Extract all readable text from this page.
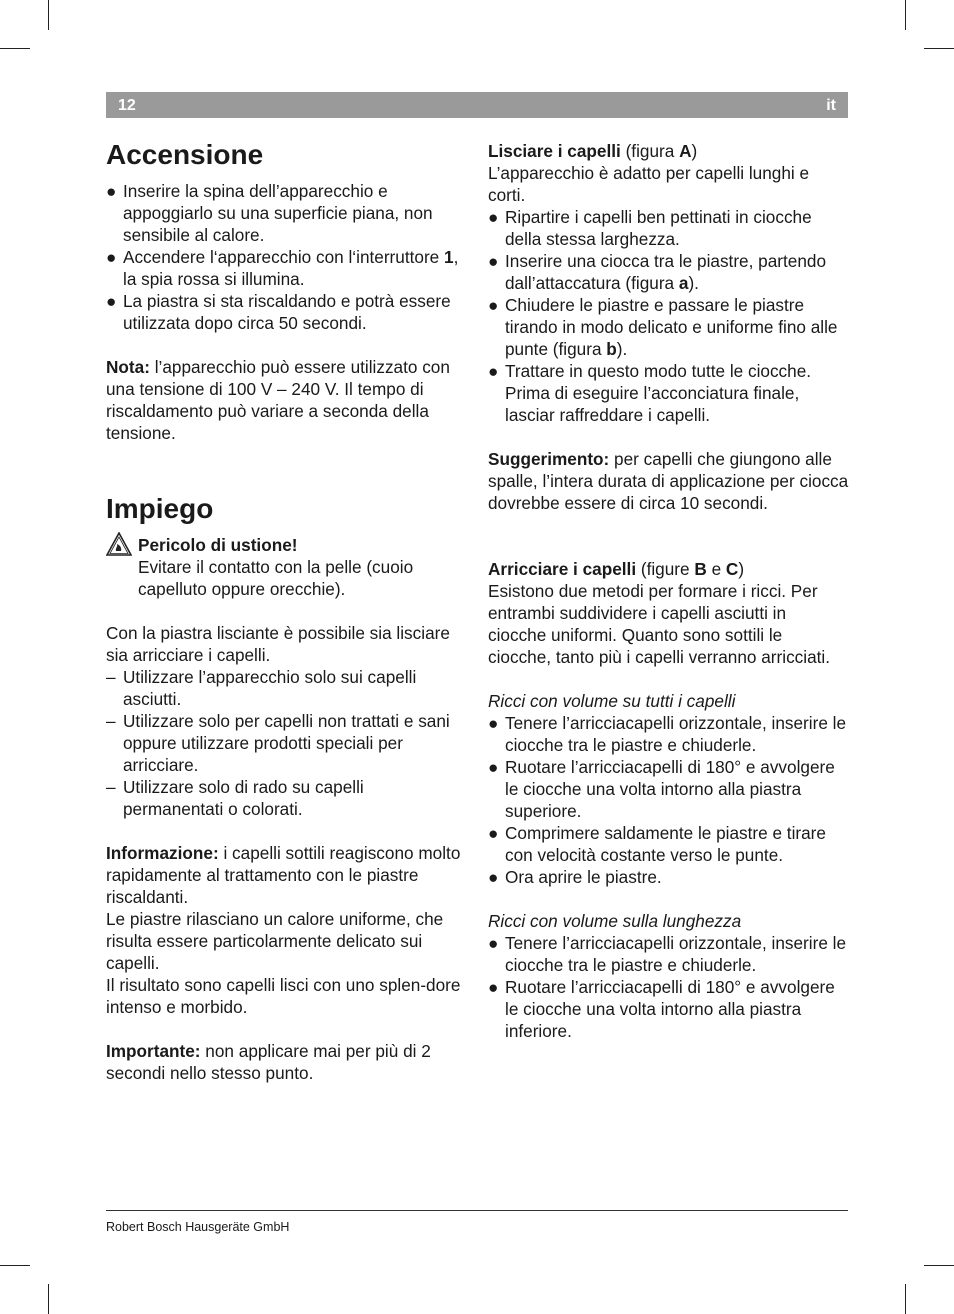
12	it
Accensione
● Inserire la spina dell’apparecchio e appoggiarlo su una superficie piana, non sensibile al calore.
● Accendere l‘apparecchio con l‘interruttore 1, la spia rossa si illumina.
● La piastra si sta riscaldando e potrà essere utilizzata dopo circa 50 secondi.

Nota: l’apparecchio può essere utilizzato con una tensione di 100 V – 240 V. Il tempo di riscaldamento può variare a seconda della tensione.

Impiego

Pericolo di ustione!

Evitare il contatto con la pelle (cuoio capelluto oppure orecchie).

Con la piastra lisciante è possibile sia lisciare sia arricciare i capelli.

– Utilizzare l’apparecchio solo sui capelli asciutti.
– Utilizzare solo per capelli non trattati e sani oppure utilizzare prodotti speciali per arricciare.
– Utilizzare solo di rado su capelli permanentati o colorati.

Informazione: i capelli sottili reagiscono molto rapidamente al trattamento con le piastre riscaldanti.

Le piastre rilasciano un calore uniforme, che risulta essere particolarmente delicato sui capelli.

Il risultato sono capelli lisci con uno splen-dore intenso e morbido.

Importante: non applicare mai per più di 2 secondi nello stesso punto.

Lisciare i capelli (figura A)

L’apparecchio è adatto per capelli lunghi e corti.

● Ripartire i capelli ben pettinati in ciocche della stessa larghezza.
● Inserire una ciocca tra le piastre, partendo dall’attaccatura (figura a).
● Chiudere le piastre e passare le piastre tirando in modo delicato e uniforme fino alle punte (figura b).
● Trattare in questo modo tutte le ciocche. Prima di eseguire l’acconciatura finale, lasciar raffreddare i capelli.

Suggerimento: per capelli che giungono alle spalle, l’intera durata di applicazione per ciocca dovrebbe essere di circa 10 secondi.

Arricciare i capelli (figure B e C)

Esistono due metodi per formare i ricci. Per entrambi suddividere i capelli asciutti in ciocche uniformi. Quanto sono sottili le ciocche, tanto più i capelli verranno arricciati.

Ricci con volume su tutti i capelli

● Tenere l’arricciacapelli orizzontale, inserire le ciocche tra le piastre e chiuderle.
● Ruotare l’arricciacapelli di 180° e avvolgere le ciocche una volta intorno alla piastra superiore.
● Comprimere saldamente le piastre e tirare con velocità costante verso le punte.
● Ora aprire le piastre.

Ricci con volume sulla lunghezza

● Tenere l’arricciacapelli orizzontale, inserire le ciocche tra le piastre e chiuderle.
● Ruotare l’arricciacapelli di 180° e avvolgere le ciocche una volta intorno alla piastra inferiore.
Robert Bosch Hausgeräte GmbH
